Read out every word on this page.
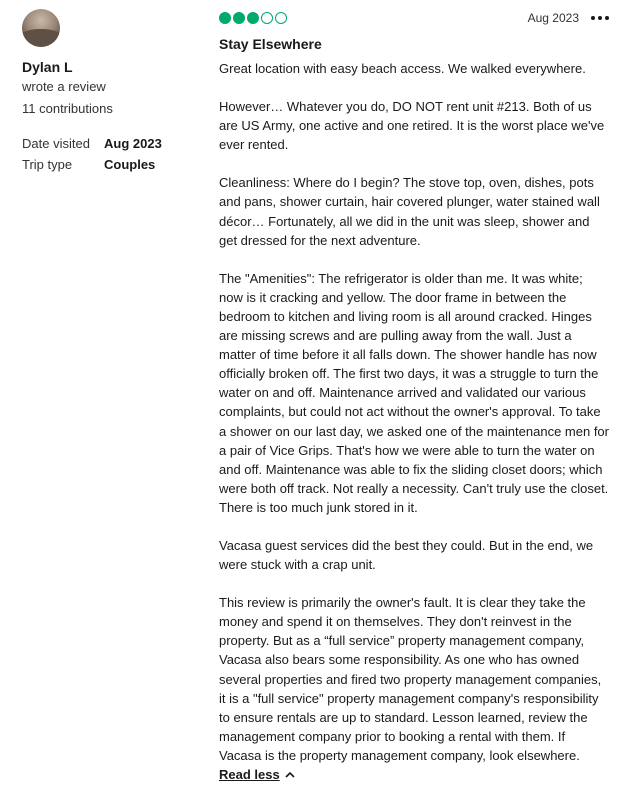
Dylan L
wrote a review
11 contributions
Date visited	Aug 2023
Trip type	Couples
Aug 2023
Stay Elsewhere

Great location with easy beach access. We walked everywhere.

However… Whatever you do, DO NOT rent unit #213. Both of us are US Army, one active and one retired. It is the worst place we've ever rented.

Cleanliness: Where do I begin? The stove top, oven, dishes, pots and pans, shower curtain, hair covered plunger, water stained wall décor… Fortunately, all we did in the unit was sleep, shower and get dressed for the next adventure.

The "Amenities": The refrigerator is older than me. It was white; now is it cracking and yellow. The door frame in between the bedroom to kitchen and living room is all around cracked. Hinges are missing screws and are pulling away from the wall. Just a matter of time before it all falls down. The shower handle has now officially broken off. The first two days, it was a struggle to turn the water on and off. Maintenance arrived and validated our various complaints, but could not act without the owner's approval. To take a shower on our last day, we asked one of the maintenance men for a pair of Vice Grips. That's how we were able to turn the water on and off. Maintenance was able to fix the sliding closet doors; which were both off track. Not really a necessity. Can't truly use the closet. There is too much junk stored in it.

Vacasa guest services did the best they could. But in the end, we were stuck with a crap unit.

This review is primarily the owner's fault. It is clear they take the money and spend it on themselves. They don't reinvest in the property. But as a “full service” property management company, Vacasa also bears some responsibility. As one who has owned several properties and fired two property management companies, it is a "full service" property management company's responsibility to ensure rentals are up to standard. Lesson learned, review the management company prior to booking a rental with them. If Vacasa is the property management company, look elsewhere.

Read less
